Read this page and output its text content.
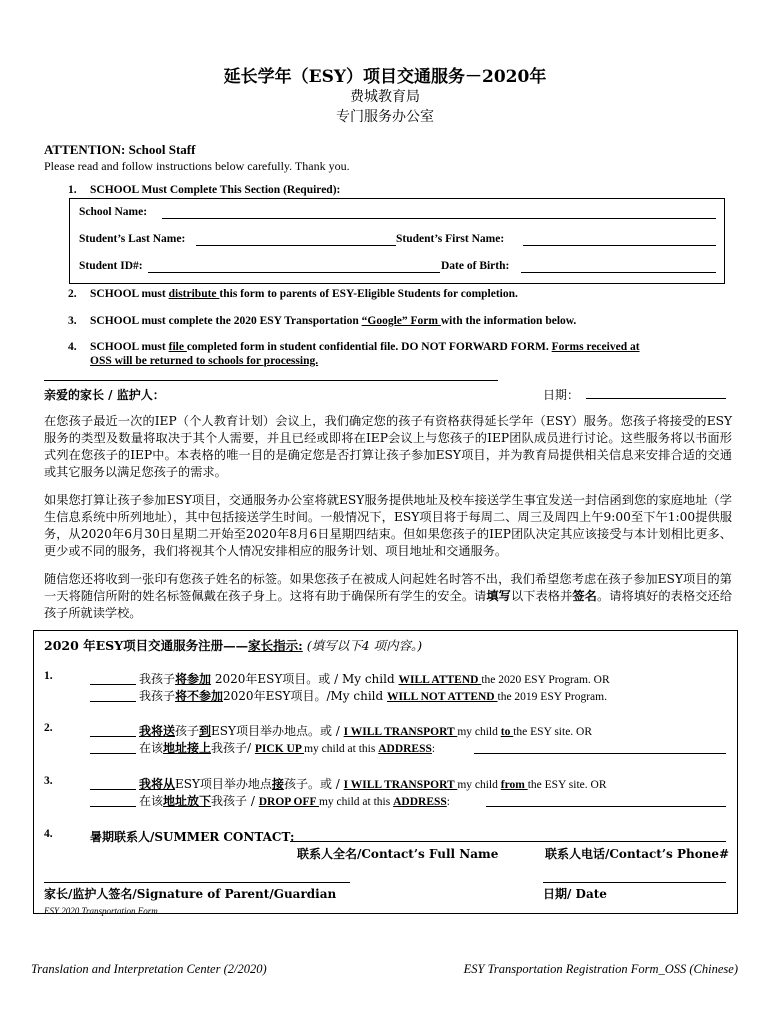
延长学年（ESY）项目交通服务－2020年
费城教育局
专门服务办公室
ATTENTION: School Staff
Please read and follow instructions below carefully. Thank you.
1. SCHOOL Must Complete This Section (Required):
School Name:
Student’s Last Name:	Student’s First Name:
Student ID#:	Date of Birth:
2. SCHOOL must distribute this form to parents of ESY-Eligible Students for completion.
3. SCHOOL must complete the 2020 ESY Transportation “Google” Form with the information below.
4. SCHOOL must file completed form in student confidential file. DO NOT FORWARD FORM. Forms received at
OSS will be returned to schools for processing.
亲爱的家长 / 监护人：	日期：
在您孩子最近一次的IEP（个人教育计划）会议上，我们确定您的孩子有资格获得延长学年（ESY）服务。您孩子将接受的ESY服务的类型及数量将取决于其个人需要，并且已经或即将在IEP会议上与您孩子的IEP团队成员进行讨论。这些服务将以书面形式列在您孩子的IEP中。本表格的唯一目的是确定您是否打算让孩子参加ESY项目，并为教育局提供相关信息来安排合适的交通或其它服务以满足您孩子的需求。
如果您打算让孩子参加ESY项目，交通服务办公室将就ESY服务提供地址及校车接送学生事宜发送一封信函到您的家庭地址（学生信息系统中所列地址），其中包括接送学生时间。一般情况下，ESY项目将于每周二、周三及周四上午9:00至下午1:00提供服务，从2020年6月30日星期二开始至2020年8月6日星期四结束。但如果您孩子的IEP团队决定其应该接受与本计划相比更多、更少或不同的服务，我们将视其个人情况安排相应的服务计划、项目地址和交通服务。
随信您还将收到一张印有您孩子姓名的标签。如果您孩子在被成人问起姓名时答不出，我们希望您考虑在孩子参加ESY项目的第一天将随信所附的姓名标签佩戴在孩子身上。这将有助于确保所有学生的安全。请填写以下表格并签名。请将填好的表格交还给孩子所就读学校。
2020 年ESY项目交通服务注册——家长指示: (填写以下4 项内容。)
1.	我孩子将参加 2020年ESY项目。或 / My child WILL ATTEND the 2020 ESY Program. OR
我孩子将不参加2020年ESY项目。/My child WILL NOT ATTEND the 2019 ESY Program.
2.	我将送孩子到ESY项目举办地点。或 / I WILL TRANSPORT my child to the ESY site. OR
在该地址接上我孩子/ PICK UP my child at this ADDRESS:
3.	我将从ESY项目举办地点接孩子。或 / I WILL TRANSPORT my child from the ESY site. OR
在该地址放下我孩子 / DROP OFF my child at this ADDRESS:
4.	暑期联系人/SUMMER CONTACT:
联系人全名/Contact’s Full Name	联系人电话/Contact’s Phone#
家长/监护人签名/Signature of Parent/Guardian	日期/ Date
ESY 2020 Transportation Form
Translation and Interpretation Center (2/2020)	ESY Transportation Registration Form_OSS (Chinese)
